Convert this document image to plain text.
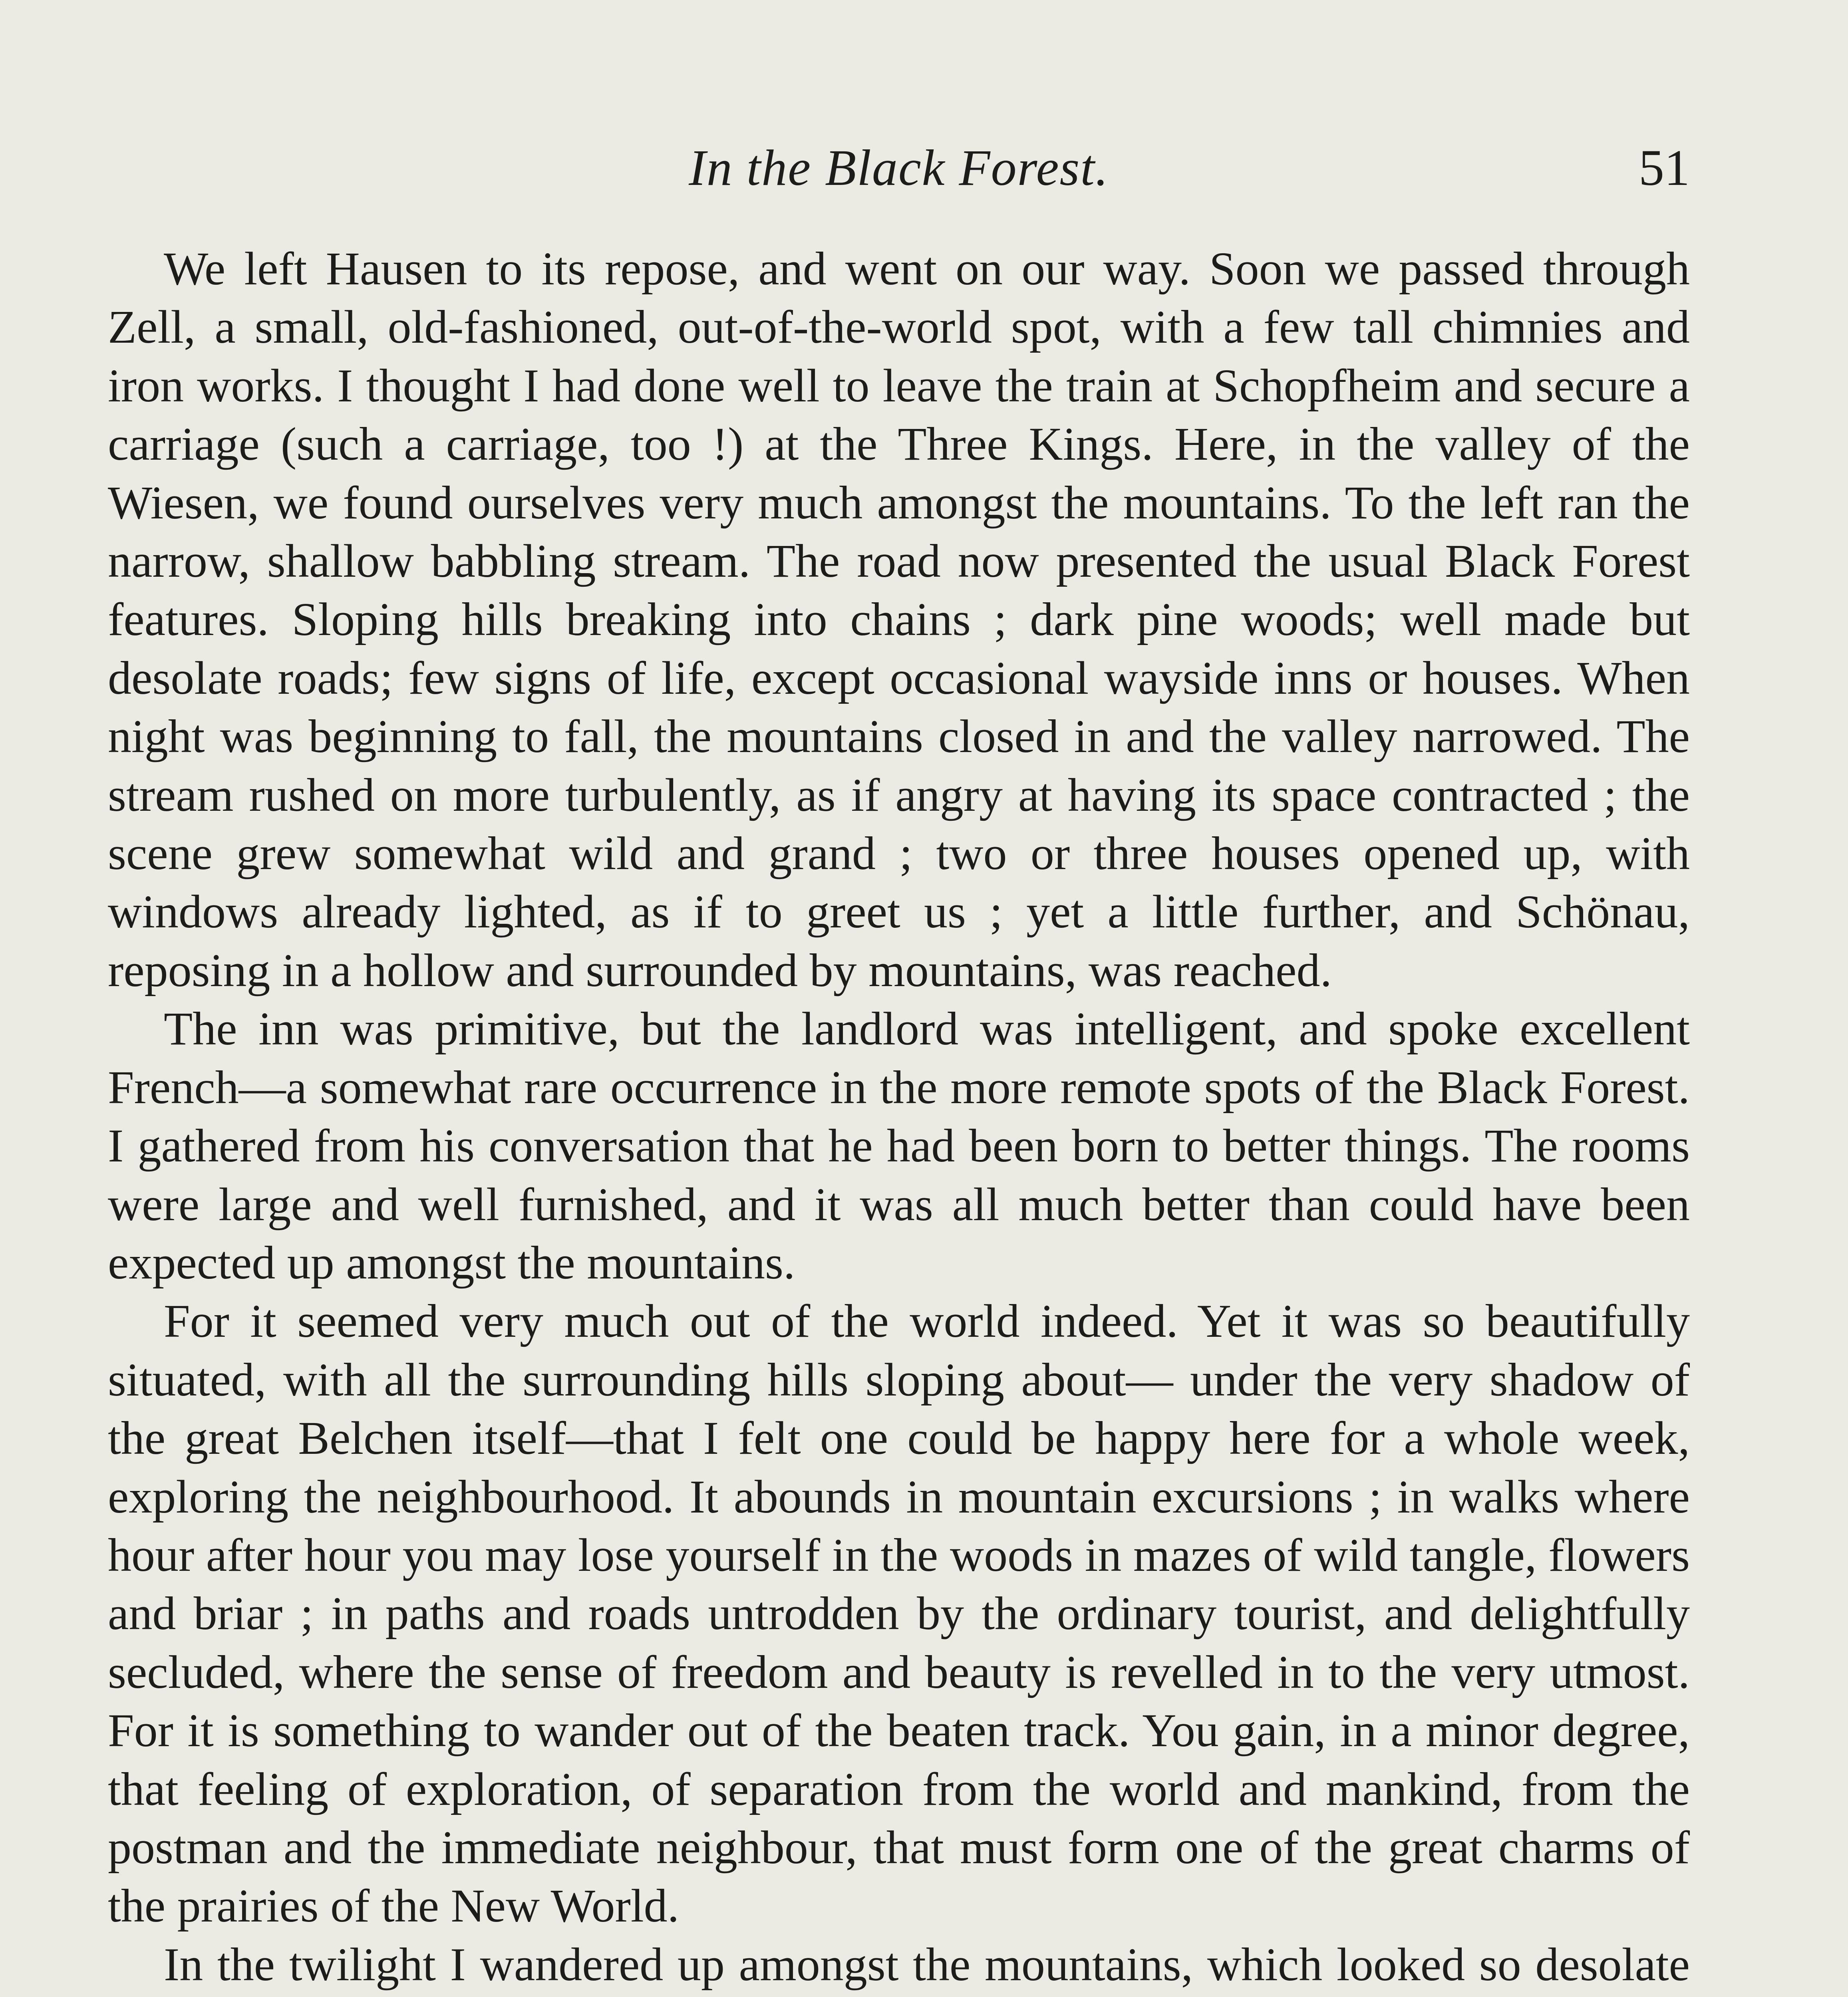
In the Black Forest.	51

We left Hausen to its repose, and went on our way. Soon we passed through Zell, a small, old-fashioned, out-of-the-world spot, with a few tall chimnies and iron works. I thought I had done well to leave the train at Schopfheim and secure a carriage (such a carriage, too !) at the Three Kings. Here, in the valley of the Wiesen, we found ourselves very much amongst the mountains. To the left ran the narrow, shallow babbling stream. The road now presented the usual Black Forest features. Sloping hills breaking into chains ; dark pine woods; well made but desolate roads; few signs of life, except occasional wayside inns or houses. When night was beginning to fall, the mountains closed in and the valley narrowed. The stream rushed on more turbulently, as if angry at having its space contracted ; the scene grew somewhat wild and grand ; two or three houses opened up, with windows already lighted, as if to greet us ; yet a little further, and Schönau, reposing in a hollow and surrounded by mountains, was reached.

The inn was primitive, but the landlord was intelligent, and spoke excellent French—a somewhat rare occurrence in the more remote spots of the Black Forest. I gathered from his conversation that he had been born to better things. The rooms were large and well furnished, and it was all much better than could have been expected up amongst the mountains.

For it seemed very much out of the world indeed. Yet it was so beautifully situated, with all the surrounding hills sloping about— under the very shadow of the great Belchen itself—that I felt one could be happy here for a whole week, exploring the neighbourhood. It abounds in mountain excursions ; in walks where hour after hour you may lose yourself in the woods in mazes of wild tangle, flowers and briar ; in paths and roads untrodden by the ordinary tourist, and delightfully secluded, where the sense of freedom and beauty is revelled in to the very utmost. For it is something to wander out of the beaten track. You gain, in a minor degree, that feeling of exploration, of separation from the world and mankind, from the postman and the immediate neighbour, that must form one of the great charms of the prairies of the New World.

In the twilight I wandered up amongst the mountains, which looked so desolate
